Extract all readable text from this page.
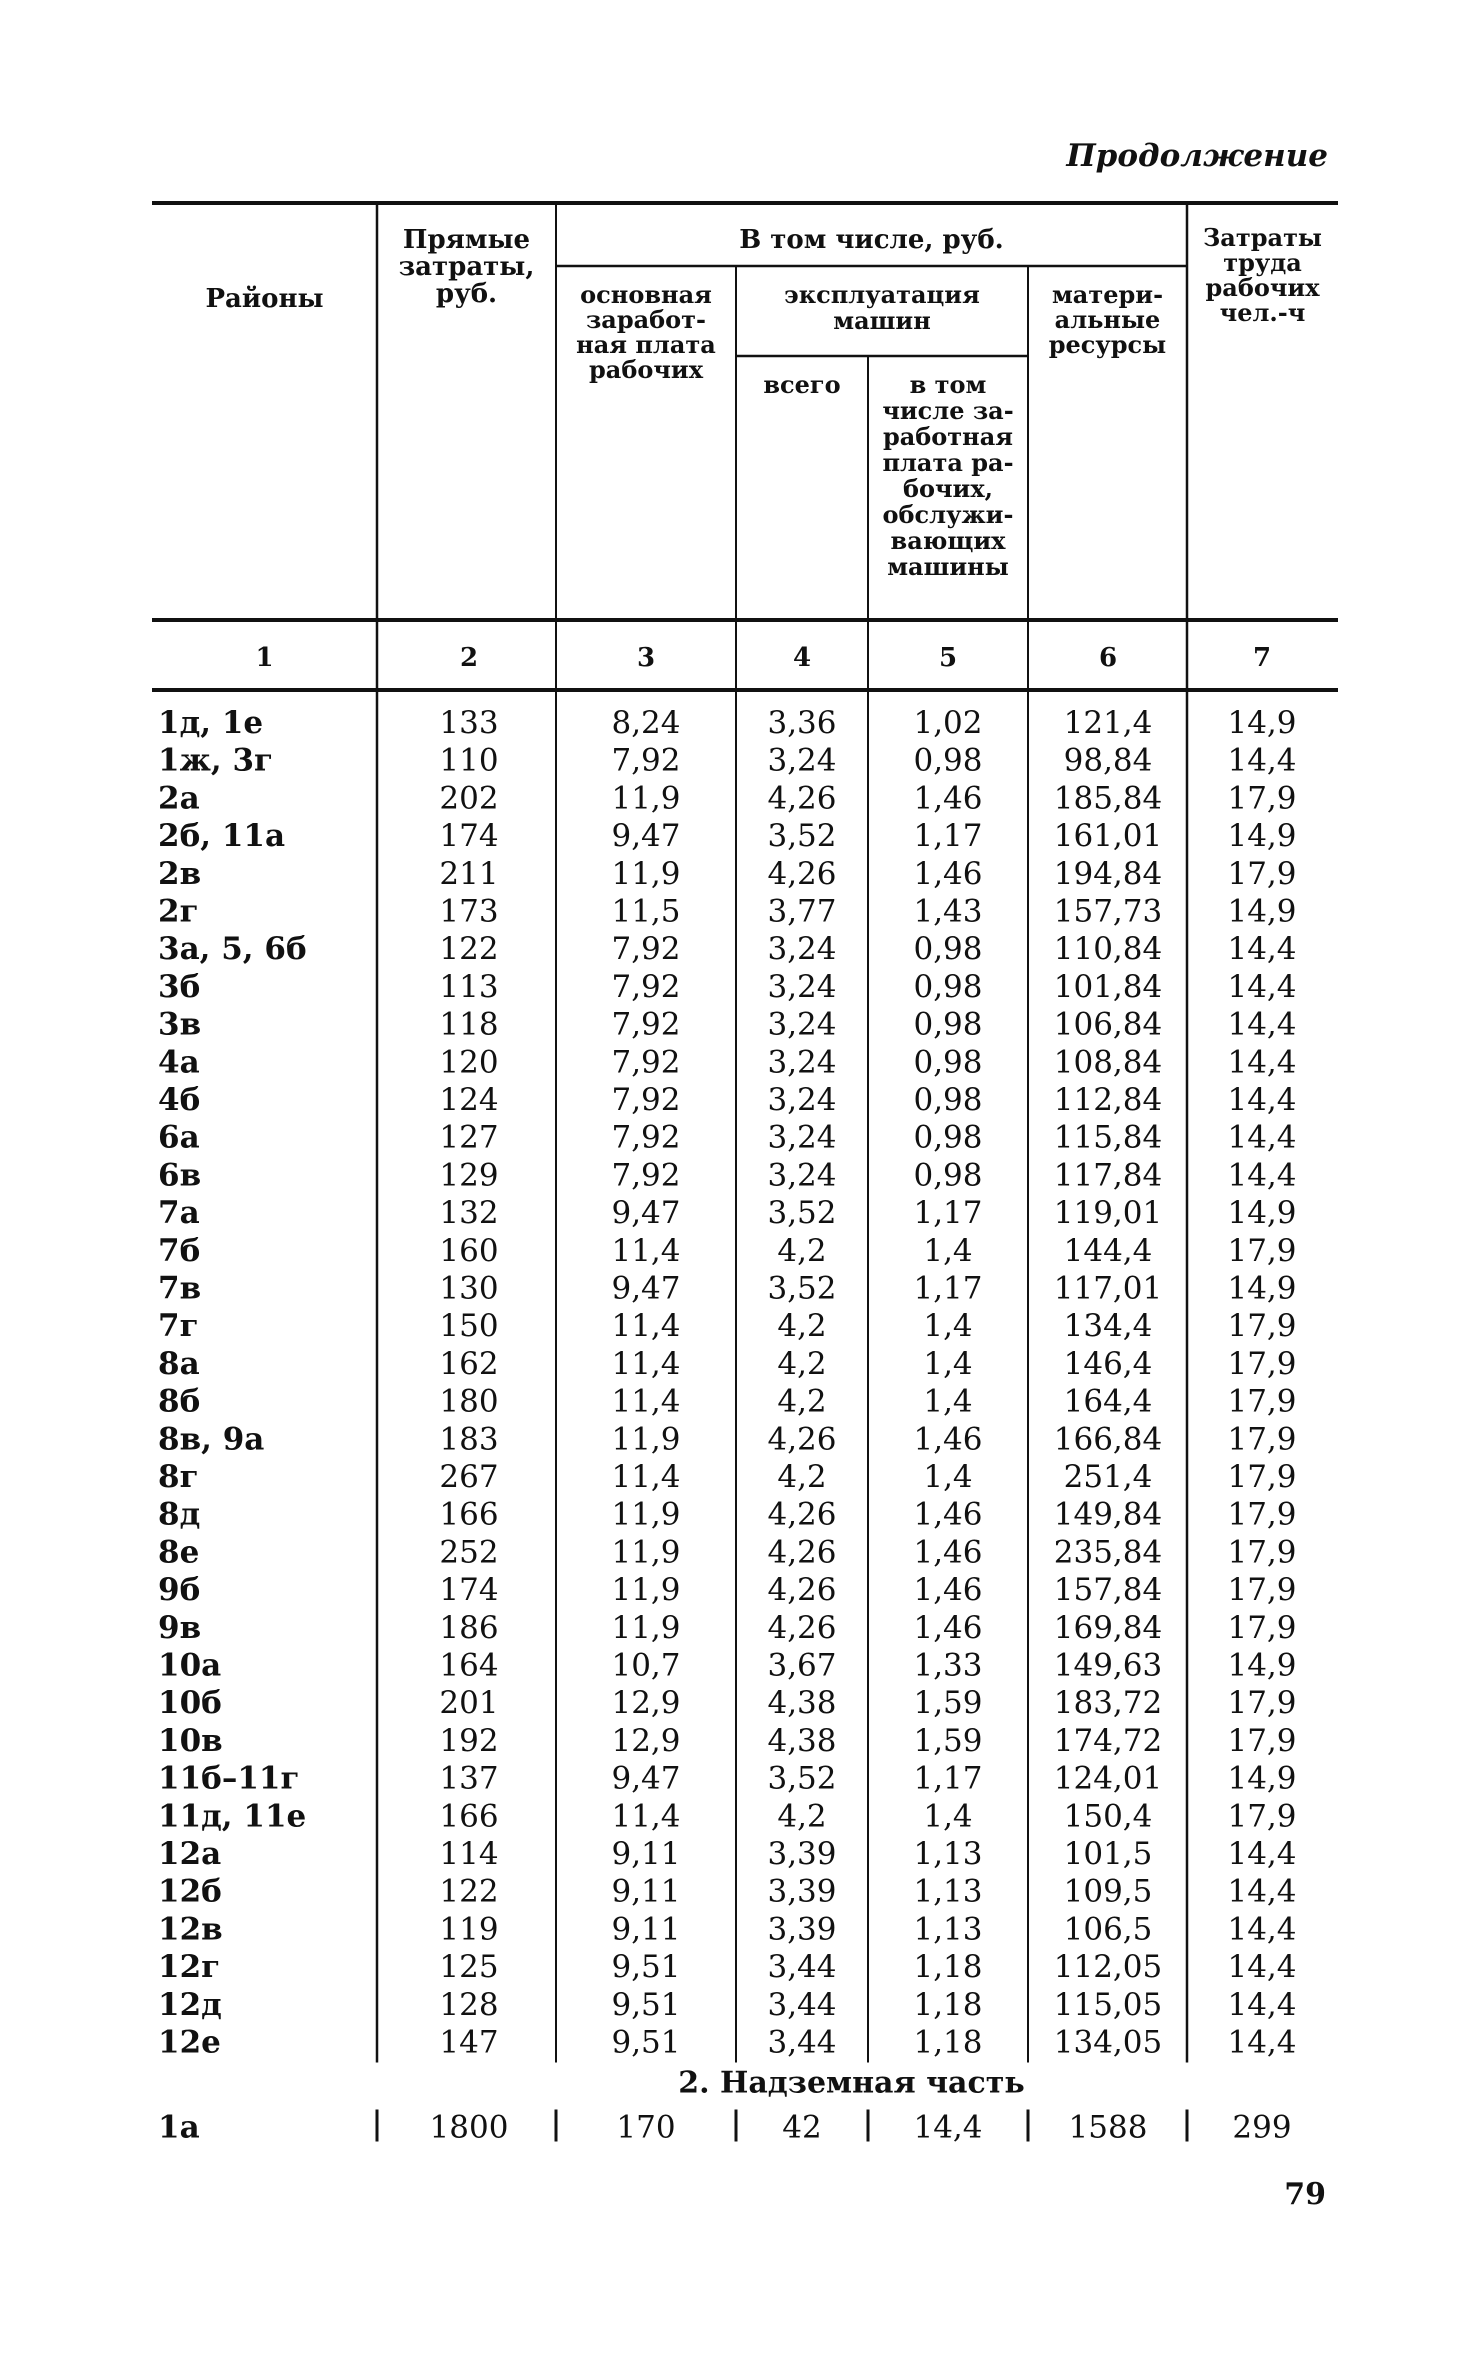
Продолжение
Районы
Прямые
затраты,
руб.
В том числе, руб.
основная
заработ-
ная плата
рабочих
эксплуатация
машин
всего	в том
числе за-
работная
плата ра-
бочих,
обслужи-
вающих
машины
матери-
альные
ресурсы
Затраты
труда
рабочих
чел.-ч
1	2	3	4	5	6	7
1д, 1е	133	8,24	3,36 1,02	121,4 14,9
1ж, 3г	110	7,92	3,24 0,98	98,84 14,4
2а	202	11,9	4,26 1,46 185,84 17,9
2б, 11а	174	9,47	3,52 1,17 161,01 14,9
2в	211	11,9	4,26 1,46 194,84 17,9
2г	173	11,5	3,77 1,43 157,73 14,9
3а, 5, 6б	122	7,92	3,24 0,98 110,84 14,4
3б	113	7,92	3,24 0,98 101,84 14,4
3в	118	7,92	3,24 0,98 106,84 14,4
4а	120	7,92	3,24 0,98 108,84 14,4
4б	124	7,92	3,24 0,98 112,84 14,4
6а	127	7,92	3,24 0,98 115,84 14,4
6в	129	7,92	3,24 0,98 117,84 14,4
7а	132	9,47	3,52 1,17 119,01 14,9
7б	160	11,4	4,2	1,4	144,4 17,9
7в	130	9,47	3,52 1,17 117,01 14,9
7г	150	11,4	4,2	1,4	134,4 17,9
8а	162	11,4	4,2	1,4	146,4 17,9
8б	180	11,4	4,2	1,4	164,4 17,9
8в, 9а	183	11,9	4,26 1,46 166,84 17,9
8г	267	11,4	4,2	1,4	251,4 17,9
8д	166	11,9	4,26 1,46 149,84 17,9
8е	252	11,9	4,26 1,46 235,84 17,9
9б	174	11,9	4,26 1,46 157,84 17,9
9в	186	11,9	4,26 1,46 169,84 17,9
10а	164	10,7	3,67 1,33 149,63 14,9
10б	201	12,9	4,38 1,59 183,72 17,9
10в	192	12,9	4,38 1,59 174,72 17,9
11б–11г	137	9,47	3,52 1,17 124,01 14,9
11д, 11е	166	11,4	4,2	1,4	150,4 17,9
12а	114	9,11	3,39 1,13	101,5 14,4
12б	122	9,11	3,39 1,13	109,5 14,4
12в	119	9,11	3,39 1,13	106,5 14,4
12г	125	9,51	3,44 1,18 112,05 14,4
12д	128	9,51	3,44 1,18 115,05 14,4
12е	147	9,51	3,44 1,18 134,05 14,4
2. Надземная часть
1а	1800	170	42	14,4	1588	299
79
